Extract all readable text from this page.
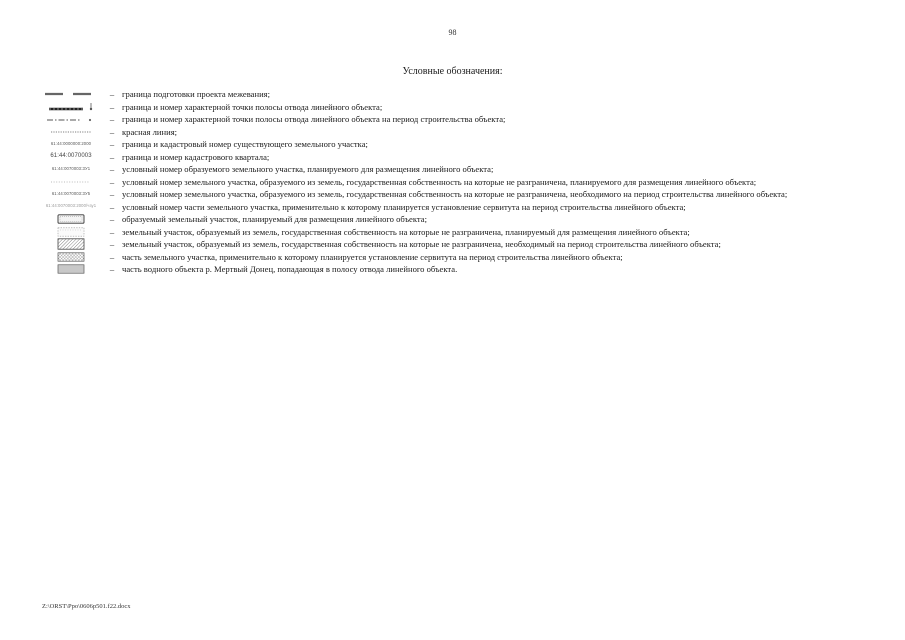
98
Условные обозначения:
– граница подготовки проекта межевания;
– граница и номер характерной точки полосы отвода линейного объекта;
– граница и номер характерной точки полосы отвода линейного объекта на период строительства объекта;
– красная линия;
61:44:0000000:2000	– граница и кадастровый номер существующего земельного участка;
61:44:0070003	– граница и номер кадастрового квартала;
61:44:0070003:ЗУ1	– условный номер образуемого земельного участка, планируемого для размещения линейного объекта;
– условный номер земельного участка, образуемого из земель, государственная собственность на которые не разграничена, планируемого для размещения линейного объекта;
61:44:0070003:ЗУ5	– условный номер земельного участка, образуемого из земель, государственная собственность на которые не разграничена, необходимого на период строительства линейного объекта;
61:44:0070003:2000/чзу1	– условный номер части земельного участка, применительно к которому планируется установление сервитута на период строительства линейного объекта;
– образуемый земельный участок, планируемый для размещения линейного объекта;
– земельный участок, образуемый из земель, государственная собственность на которые не разграничена, планируемый для размещения линейного объекта;
– земельный участок, образуемый из земель, государственная собственность на которые не разграничена, необходимый на период строительства линейного объекта;
– часть земельного участка, применительно к которому планируется установление сервитута на период строительства линейного объекта;
– часть водного объекта р. Мертвый Донец, попадающая в полосу отвода линейного объекта.
Z:\ORST\Ppo\0606p501.f22.docx
